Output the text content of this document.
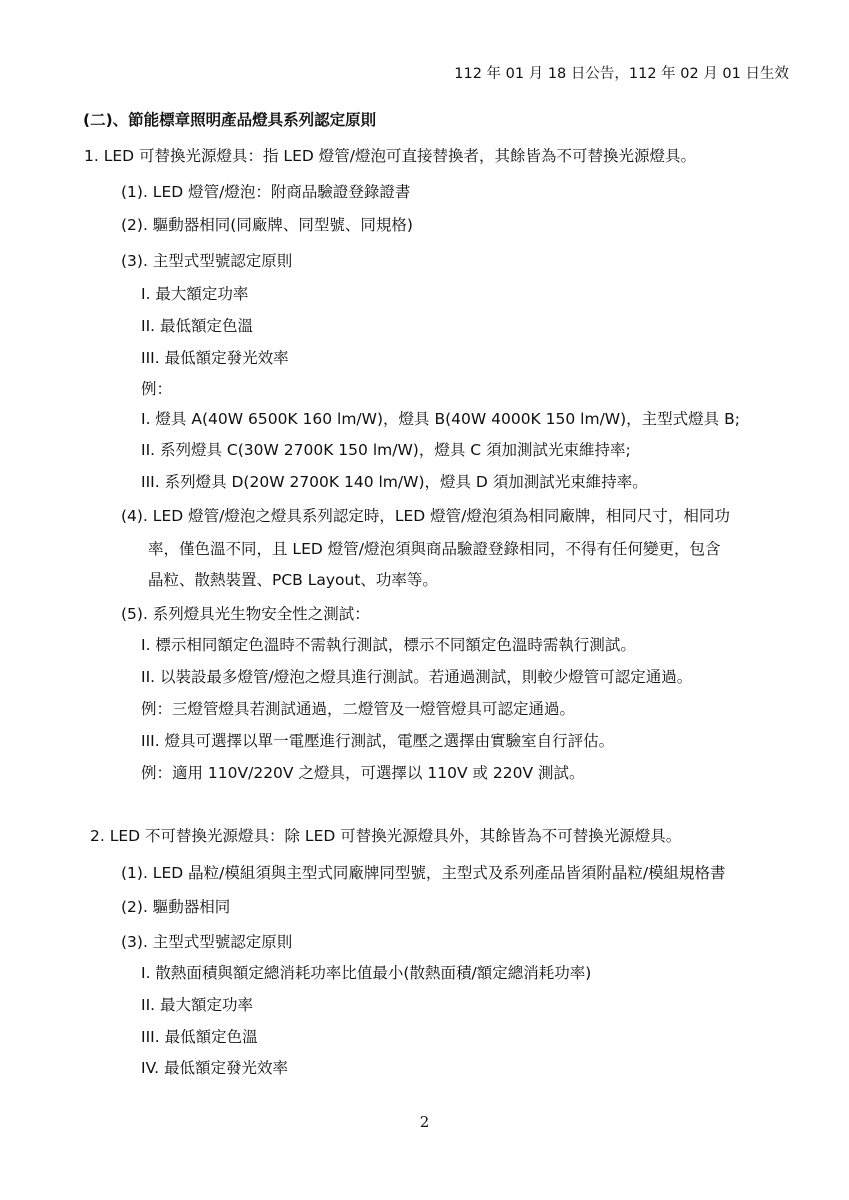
112 年 01 月 18 日公告，112 年 02 月 01 日生效
(二)、節能標章照明產品燈具系列認定原則
1. LED 可替換光源燈具：指 LED 燈管/燈泡可直接替換者，其餘皆為不可替換光源燈具。
(1). LED 燈管/燈泡：附商品驗證登錄證書
(2). 驅動器相同(同廠牌、同型號、同規格)
(3). 主型式型號認定原則
I. 最大額定功率
II. 最低額定色溫
III. 最低額定發光效率
例：
I. 燈具 A(40W 6500K 160 lm/W)，燈具 B(40W 4000K 150 lm/W)，主型式燈具 B;
II. 系列燈具 C(30W 2700K 150 lm/W)，燈具 C 須加測試光束維持率;
III. 系列燈具 D(20W 2700K 140 lm/W)，燈具 D 須加測試光束維持率。
(4). LED 燈管/燈泡之燈具系列認定時，LED 燈管/燈泡須為相同廠牌，相同尺寸，相同功
率，僅色溫不同，且 LED 燈管/燈泡須與商品驗證登錄相同，不得有任何變更，包含
晶粒、散熱裝置、PCB Layout、功率等。
(5). 系列燈具光生物安全性之測試：
I. 標示相同額定色溫時不需執行測試，標示不同額定色溫時需執行測試。
II. 以裝設最多燈管/燈泡之燈具進行測試。若通過測試，則較少燈管可認定通過。
例：三燈管燈具若測試通過，二燈管及一燈管燈具可認定通過。
III. 燈具可選擇以單一電壓進行測試，電壓之選擇由實驗室自行評估。
例：適用 110V/220V 之燈具，可選擇以 110V 或 220V 測試。
2. LED 不可替換光源燈具：除 LED 可替換光源燈具外，其餘皆為不可替換光源燈具。
(1). LED 晶粒/模組須與主型式同廠牌同型號，主型式及系列產品皆須附晶粒/模組規格書
(2). 驅動器相同
(3). 主型式型號認定原則
I. 散熱面積與額定總消耗功率比值最小(散熱面積/額定總消耗功率)
II. 最大額定功率
III. 最低額定色溫
IV. 最低額定發光效率
2
